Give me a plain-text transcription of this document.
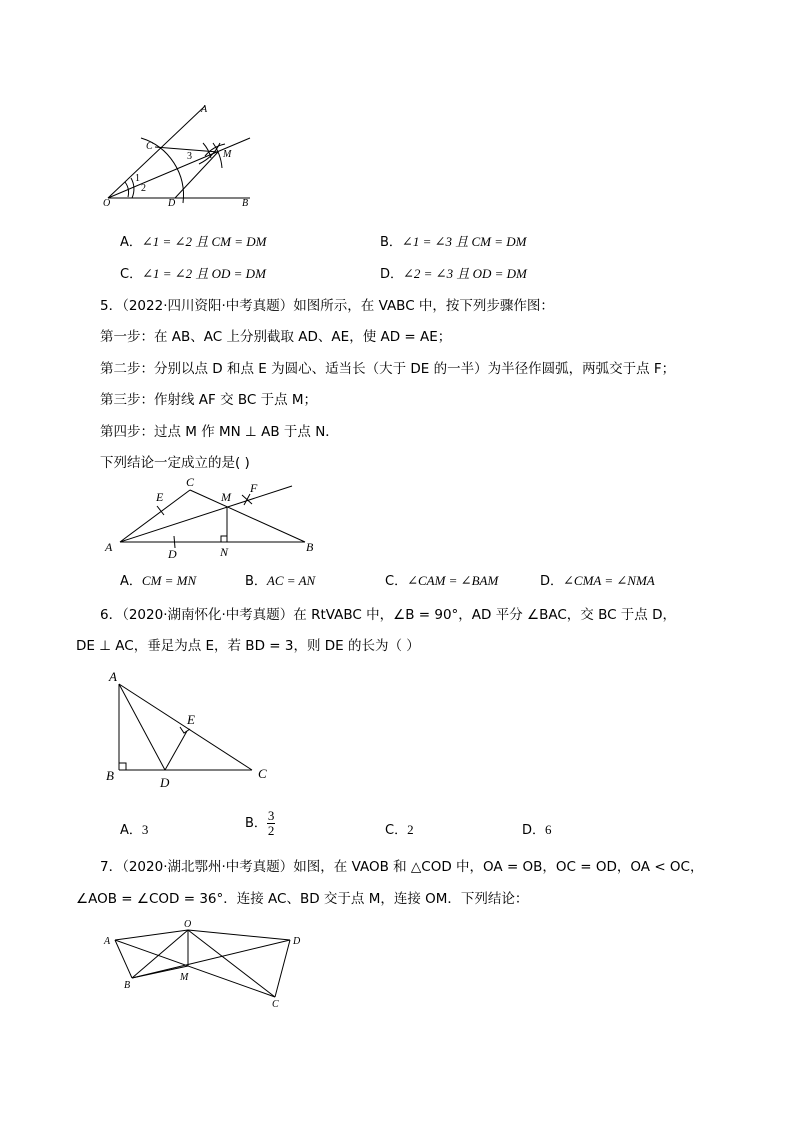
A
C
M
3
1
2
O	D	B
A．∠1 = ∠2 且 CM = DM	B．∠1 = ∠3 且 CM = DM
C．∠1 = ∠2 且 OD = DM	D．∠2 = ∠3 且 OD = DM
5．（2022·四川资阳·中考真题）如图所示，在 VABC 中，按下列步骤作图：
第一步：在 AB、AC 上分别截取 AD、AE，使 AD = AE；
第二步：分别以点 D 和点 E 为圆心、适当长（大于 DE 的一半）为半径作圆弧，两弧交于点 F；
第三步：作射线 AF 交 BC 于点 M；
第四步：过点 M 作 MN ⊥ AB 于点 N．
下列结论一定成立的是( )
C
E	M
F
A	D	N	B
A．CM = MN	B．AC = AN	C．∠CAM = ∠BAM	D．∠CMA = ∠NMA
6．（2020·湖南怀化·中考真题）在 RtVABC 中，∠B = 90°，AD 平分 ∠BAC，交 BC 于点 D，
DE ⊥ AC，垂足为点 E，若 BD = 3，则 DE 的长为（ ）
A
E
B	D
C
A．3	B． $\frac{3}{2}$	C．2	D．6
7．（2020·湖北鄂州·中考真题）如图，在 VAOB 和 △COD 中，OA = OB，OC = OD，OA < OC，
∠AOB = ∠COD = 36°．连接 AC、BD 交于点 M，连接 OM．下列结论：
A
O
D
M
B
C
